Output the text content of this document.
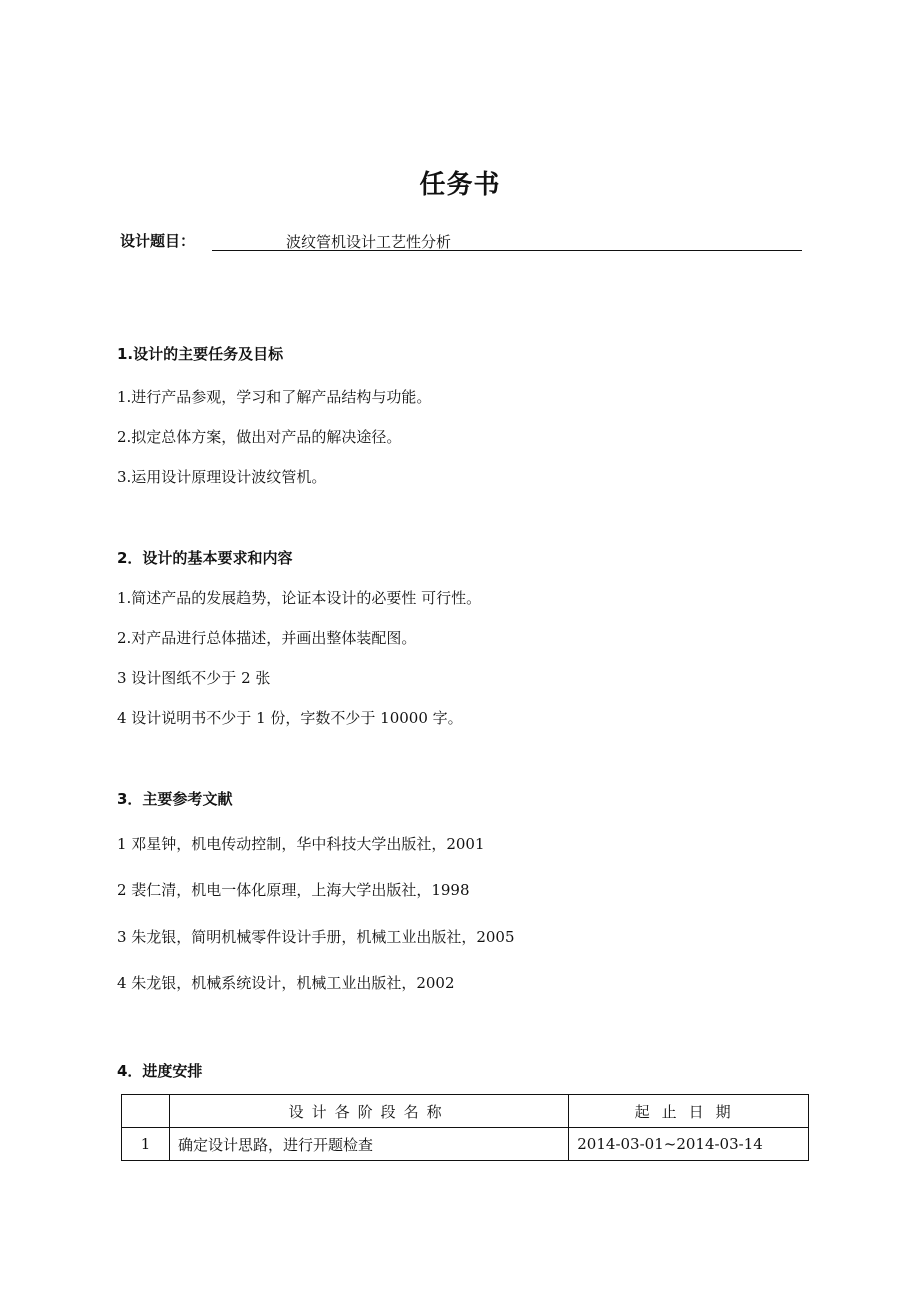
任务书
设计题目：	波纹管机设计工艺性分析
1.设计的主要任务及目标
1.进行产品参观，学习和了解产品结构与功能。
2.拟定总体方案，做出对产品的解决途径。
3.运用设计原理设计波纹管机。
2．设计的基本要求和内容
1.简述产品的发展趋势，论证本设计的必要性 可行性。
2.对产品进行总体描述，并画出整体装配图。
3 设计图纸不少于 2 张
4 设计说明书不少于 1 份，字数不少于 10000 字。
3．主要参考文献
1 邓星钟，机电传动控制，华中科技大学出版社，2001
2 裴仁清，机电一体化原理，上海大学出版社，1998
3 朱龙银，简明机械零件设计手册，机械工业出版社，2005
4 朱龙银，机械系统设计，机械工业出版社，2002
4．进度安排
	设计各阶段名称	起止日期
1	确定设计思路，进行开题检查	2014-03-01~2014-03-14
